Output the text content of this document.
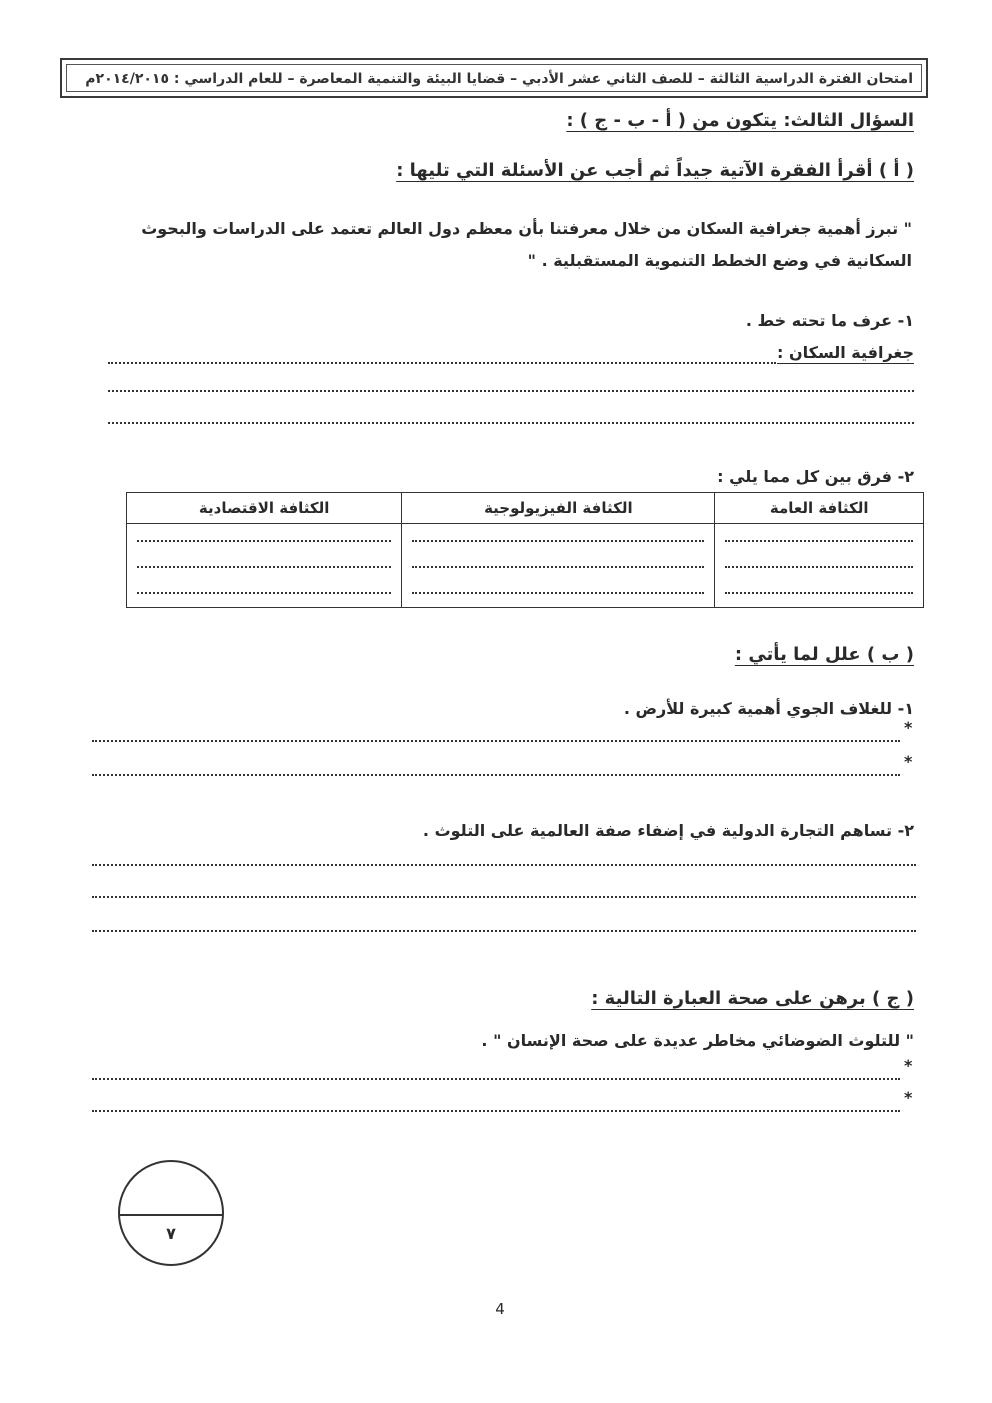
امتحان الفترة الدراسية الثالثة – للصف الثاني عشر الأدبي – قضايا البيئة والتنمية المعاصرة – للعام الدراسي : ٢٠١٤/٢٠١٥م
السؤال الثالث: يتكون من ( أ - ب - ج ) :
( أ ) أقرأ الفقرة الآتية جيداً ثم أجب عن الأسئلة التي تليها :
" تبرز أهمية جغرافية السكان من خلال معرفتنا بأن معظم دول العالم تعتمد على الدراسات والبحوث
السكانية في وضع الخطط التنموية المستقبلية . "
١- عرف ما تحته خط .
جغرافية السكان :
٢- فرق بين كل مما يلي :
الكثافة العامة	الكثافة الفيزيولوجية	الكثافة الاقتصادية

( ب ) علل لما يأتي :
١- للغلاف الجوي أهمية كبيرة للأرض .
*
*
٢- تساهم التجارة الدولية في إضفاء صفة العالمية على التلوث .
( ج ) برهن على صحة العبارة التالية :
" للتلوث الضوضائي مخاطر عديدة على صحة الإنسان " .
*
*
٧
4
